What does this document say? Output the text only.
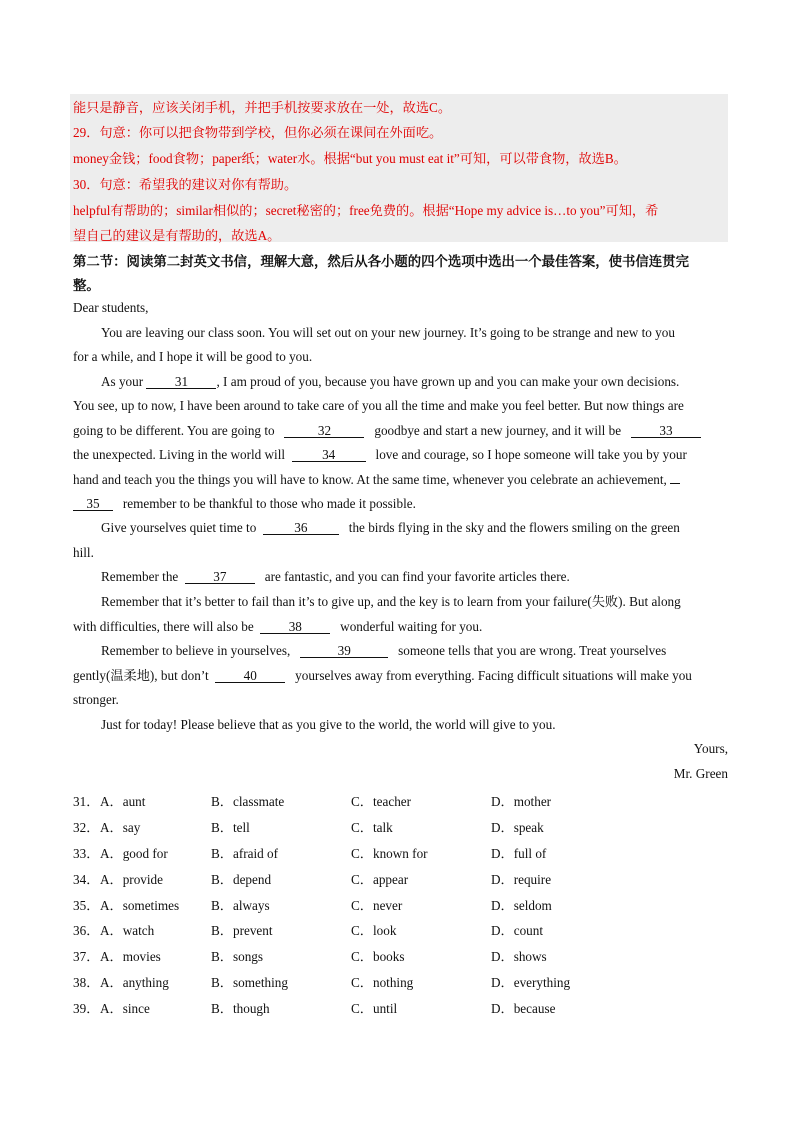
能只是静音，应该关闭手机，并把手机按要求放在一处，故选C。
29．句意：你可以把食物带到学校，但你必须在课间在外面吃。
money金钱；food食物；paper纸；water水。根据“but you must eat it”可知，可以带食物，故选B。
30．句意：希望我的建议对你有帮助。
helpful有帮助的；similar相似的；secret秘密的；free免费的。根据“Hope my advice is…to you”可知，希
望自己的建议是有帮助的，故选A。
第二节：阅读第二封英文书信，理解大意，然后从各小题的四个选项中选出一个最佳答案，使书信连贯完
整。
Dear students,
You are leaving our class soon. You will set out on your new journey. It’s going to be strange and new to you
for a while, and I hope it will be good to you.
As your 31 , I am proud of you, because you have grown up and you can make your own decisions.
You see, up to now, I have been around to take care of you all the time and make you feel better. But now things are
going to be different. You are going to	32	goodbye and start a new journey, and it will be	33
the unexpected. Living in the world will	34	love and courage, so I hope someone will take you by your
hand and teach you the things you will have to know. At the same time, whenever you celebrate an achievement,
35 remember to be thankful to those who made it possible.
Give yourselves quiet time to	36	the birds flying in the sky and the flowers smiling on the green
hill.
Remember the	37	are fantastic, and you can find your favorite articles there.
Remember that it’s better to fail than it’s to give up, and the key is to learn from your failure(失败). But along
with difficulties, there will also be	38	wonderful waiting for you.
Remember to believe in yourselves,	39	someone tells that you are wrong. Treat yourselves
gently(温柔地), but don’t	40	yourselves away from everything. Facing difficult situations will make you
stronger.
Just for today! Please believe that as you give to the world, the world will give to you.
Yours,
Mr. Green
31． A．aunt	B．classmate	C．teacher	D．mother
32． A．say	B．tell	C．talk	D．speak
33． A．good for	B．afraid of	C．known for	D．full of
34． A．provide	B．depend	C．appear	D．require
35． A．sometimes B．always	C．never	D．seldom
36． A．watch	B．prevent	C．look	D．count
37． A．movies	B．songs	C．books	D．shows
38． A．anything	B．something	C．nothing	D．everything
39． A．since	B．though	C．until	D．because
